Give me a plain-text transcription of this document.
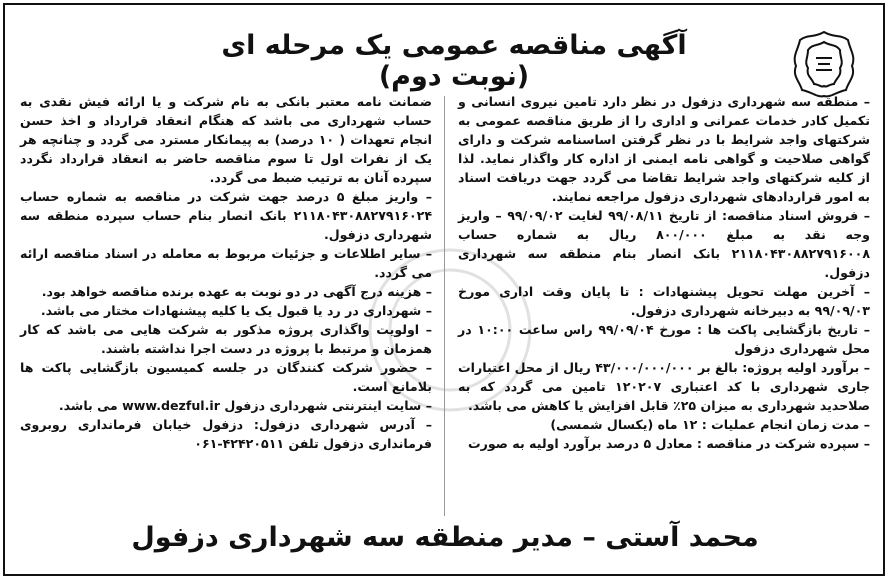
آگهی مناقصه عمومی یک مرحله ای (نوبت دوم)

– منطقه سه شهرداری دزفول در نظر دارد تامین نیروی انسانی و تکمیل کادر خدمات عمرانی و اداری را از طریق مناقصه عمومی به شرکتهای واجد شرایط با در نظر گرفتن اساسنامه شرکت و دارای گواهی صلاحیت و گواهی نامه ایمنی از اداره کار واگذار نماید. لذا از کلیه شرکتهای واجد شرایط تقاضا می گردد جهت دریافت اسناد به امور قراردادهای شهرداری دزفول مراجعه نمایند.

– فروش اسناد مناقصه: از تاریخ ۹۹/۰۸/۱۱ لغایت ۹۹/۰۹/۰۲ – واریز وجه نقد به مبلغ ۸۰۰/۰۰۰ ریال به شماره حساب ۲۱۱۸۰۴۳۰۸۸۲۷۹۱۶۰۰۸ بانک انصار بنام منطقه سه شهرداری دزفول.

– آخرین مهلت تحویل پیشنهادات : تا پایان وقت اداری مورخ ۹۹/۰۹/۰۳ به دبیرخانه شهرداری دزفول.

– تاریخ بازگشایی پاکت ها : مورخ ۹۹/۰۹/۰۴ راس ساعت ۱۰:۰۰ در محل شهرداری دزفول

– برآورد اولیه پروژه: بالغ بر ۴۳/۰۰۰/۰۰۰/۰۰۰ ریال از محل اعتبارات جاری شهرداری با کد اعتباری ۱۲۰۲۰۷ تامین می گردد که به صلاحدید شهرداری به میزان ۲۵٪ قابل افزایش یا کاهش می باشد.

– مدت زمان انجام عملیات : ۱۲ ماه (یکسال شمسی)

– سپرده شرکت در مناقصه : معادل ۵ درصد برآورد اولیه به صورت

ضمانت نامه معتبر بانکی به نام شرکت و یا ارائه فیش نقدی به حساب شهرداری می باشد که هنگام انعقاد قرارداد و اخذ حسن انجام تعهدات ( ۱۰ درصد) به پیمانکار مسترد می گردد و چنانچه هر یک از نفرات اول تا سوم مناقصه حاضر به انعقاد قرارداد نگردد سپرده آنان به ترتیب ضبط می گردد.

– واریز مبلغ ۵ درصد جهت شرکت در مناقصه به شماره حساب ۲۱۱۸۰۴۳۰۸۸۲۷۹۱۶۰۲۴ بانک انصار بنام حساب سپرده منطقه سه شهرداری دزفول.

– سایر اطلاعات و جزئیات مربوط به معامله در اسناد مناقصه ارائه می گردد.

– هزینه درج آگهی در دو نوبت به عهده برنده مناقصه خواهد بود.

– شهرداری در رد یا قبول یک یا کلیه پیشنهادات مختار می باشد.

– اولویت واگذاری پروژه مذکور به شرکت هایی می باشد که کار همزمان و مرتبط با پروژه در دست اجرا نداشته باشند.

– حضور شرکت کنندگان در جلسه کمیسیون بازگشایی پاکت ها بلامانع است.

– سایت اینترنتی شهرداری دزفول www.dezful.ir می باشد.

– آدرس شهرداری دزفول: دزفول خیابان فرمانداری روبروی فرمانداری دزفول تلفن ۴۲۴۲۰۵۱۱-۰۶۱

محمد آستی – مدیر منطقه سه شهرداری دزفول
